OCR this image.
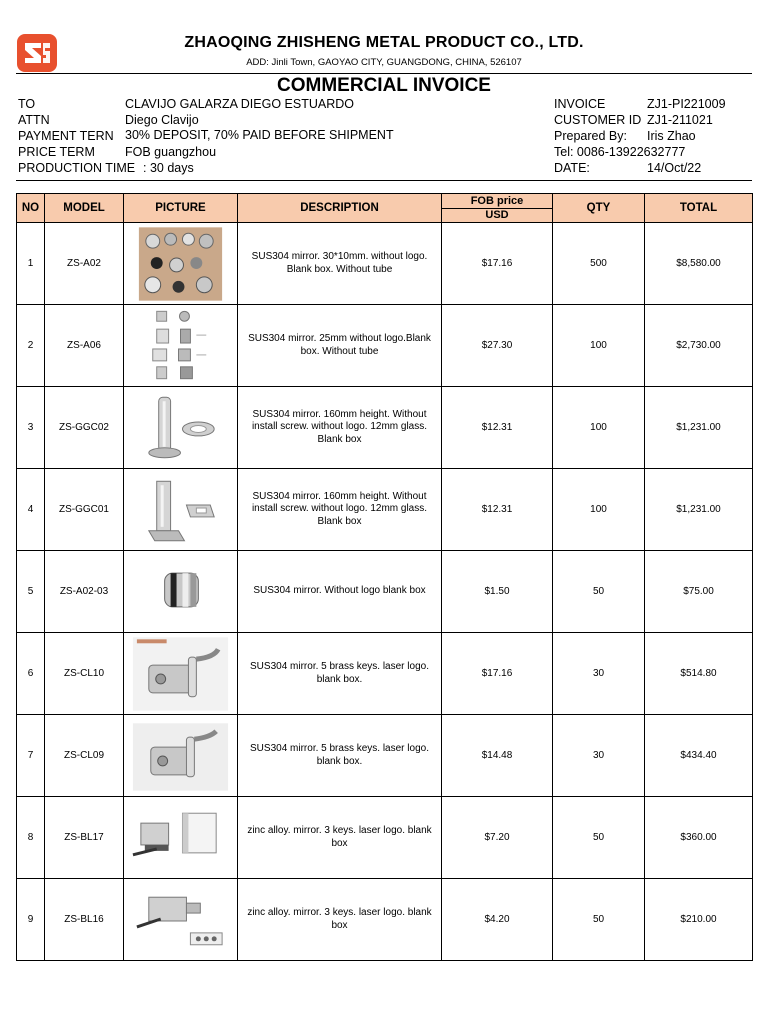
ZHAOQING ZHISHENG METAL PRODUCT CO., LTD.
ADD: Jinli Town, GAOYAO CITY, GUANGDONG, CHINA, 526107
COMMERCIAL INVOICE
TO	CLAVIJO GALARZA DIEGO ESTUARDO
ATTN	Diego Clavijo
PAYMENT TERN 30% DEPOSIT, 70% PAID BEFORE SHIPMENT
PRICE TERM FOB guangzhou
PRODUCTION TIME : 30 days
INVOICE	ZJ1-PI221009
CUSTOMER ID ZJ1-211021
Prepared By: Iris Zhao
Tel: 0086-13922632777
DATE:	14/Oct/22
NO	MODEL	PICTURE	DESCRIPTION	FOB price
USD	QTY	TOTAL
1	ZS-A02		SUS304 mirror. 30*10mm. without logo.
Blank box. Without tube	$17.16	500	$8,580.00
2	ZS-A06		SUS304 mirror. 25mm without logo.Blank
box. Without tube	$27.30	100	$2,730.00
3	ZS-GGC02		SUS304 mirror. 160mm height. Without
install screw. without logo. 12mm glass.
Blank box	$12.31	100	$1,231.00
4	ZS-GGC01		SUS304 mirror. 160mm height. Without
install screw. without logo. 12mm glass.
Blank box	$12.31	100	$1,231.00
5	ZS-A02-03		SUS304 mirror. Without logo blank box	$1.50	50	$75.00
6	ZS-CL10		SUS304 mirror. 5 brass keys. laser logo.
blank box.	$17.16	30	$514.80
7	ZS-CL09		SUS304 mirror. 5 brass keys. laser logo.
blank box.	$14.48	30	$434.40
8	ZS-BL17		zinc alloy. mirror. 3 keys. laser logo. blank
box	$7.20	50	$360.00
9	ZS-BL16		zinc alloy. mirror. 3 keys. laser logo. blank
box	$4.20	50	$210.00
